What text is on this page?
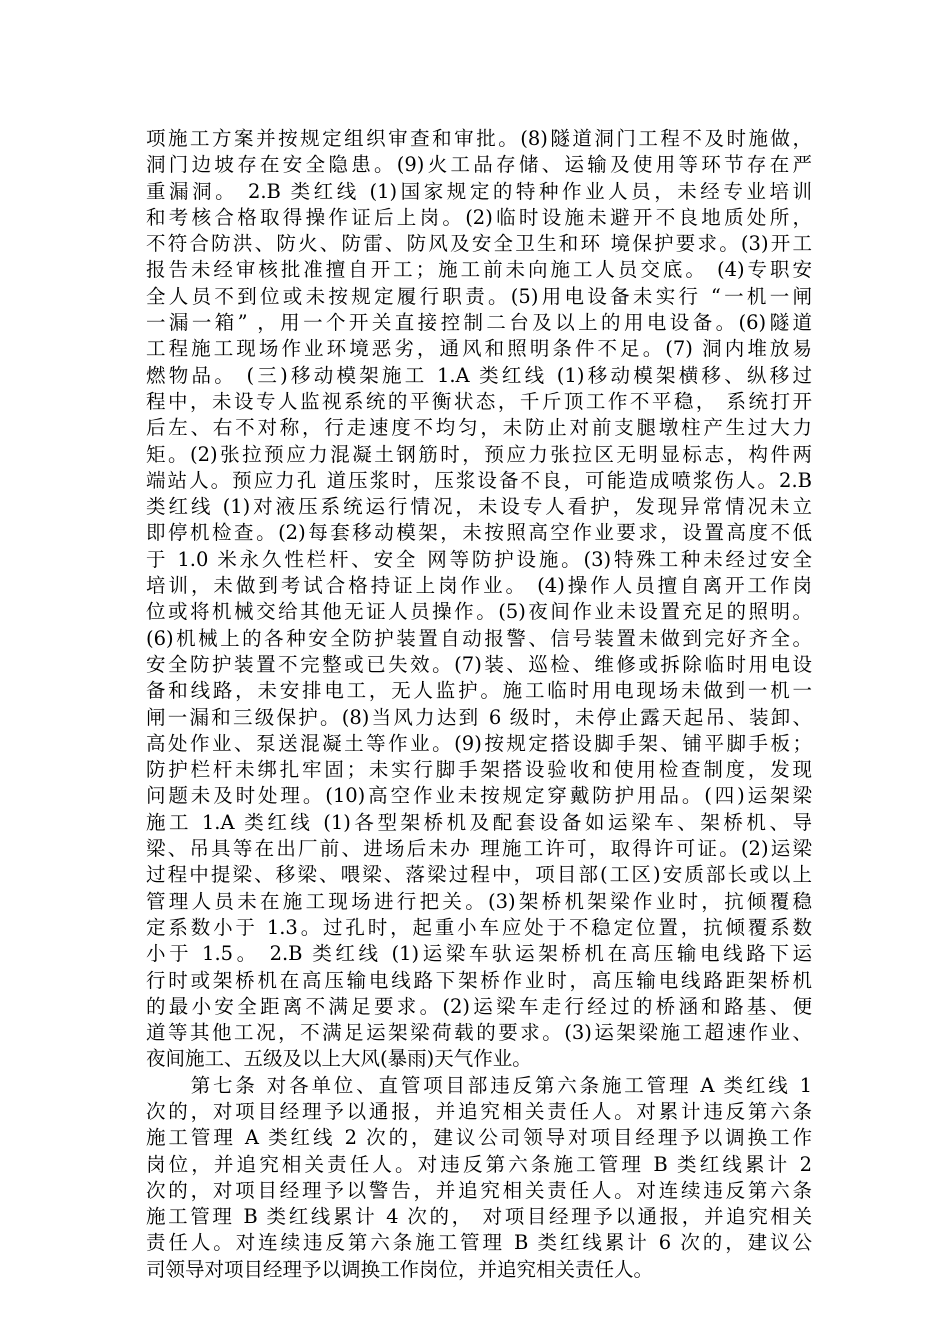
项施工方案并按规定组织审查和审批。(8)隧道洞门工程不及时施做，
洞门边坡存在安全隐患。(9)火工品存储、运输及使用等环节存在严
重漏洞。 2.B 类红线 (1)国家规定的特种作业人员，未经专业培训
和考核合格取得操作证后上岗。(2)临时设施未避开不良地质处所，
不符合防洪、防火、防雷、防风及安全卫生和环 境保护要求。(3)开工
报告未经审核批准擅自开工；施工前未向施工人员交底。 (4)专职安
全人员不到位或未按规定履行职责。(5)用电设备未实行 “一机一闸
一漏一箱” ，用一个开关直接控制二台及以上的用电设备。(6)隧道
工程施工现场作业环境恶劣，通风和照明条件不足。(7) 洞内堆放易
燃物品。 (三)移动模架施工 1.A 类红线 (1)移动模架横移、纵移过
程中，未设专人监视系统的平衡状态，千斤顶工作不平稳， 系统打开
后左、右不对称，行走速度不均匀，未防止对前支腿墩柱产生过大力
矩。(2)张拉预应力混凝土钢筋时，预应力张拉区无明显标志，构件两
端站人。预应力孔 道压浆时，压浆设备不良，可能造成喷浆伤人。2.B
类红线 (1)对液压系统运行情况，未设专人看护，发现异常情况未立
即停机检查。(2)每套移动模架，未按照高空作业要求，设置高度不低
于 1.0 米永久性栏杆、安全 网等防护设施。(3)特殊工种未经过安全
培训，未做到考试合格持证上岗作业。 (4)操作人员擅自离开工作岗
位或将机械交给其他无证人员操作。(5)夜间作业未设置充足的照明。
(6)机械上的各种安全防护装置自动报警、信号装置未做到完好齐全。
安全防护装置不完整或已失效。(7)装、巡检、维修或拆除临时用电设
备和线路，未安排电工，无人监护。施工临时用电现场未做到一机一
闸一漏和三级保护。(8)当风力达到 6 级时，未停止露天起吊、装卸、
高处作业、泵送混凝土等作业。(9)按规定搭设脚手架、铺平脚手板；
防护栏杆未绑扎牢固；未实行脚手架搭设验收和使用检查制度，发现
问题未及时处理。(10)高空作业未按规定穿戴防护用品。(四)运架梁
施工 1.A 类红线 (1)各型架桥机及配套设备如运梁车、架桥机、导
梁、吊具等在出厂前、进场后未办 理施工许可，取得许可证。(2)运梁
过程中提梁、移梁、喂梁、落梁过程中，项目部(工区)安质部长或以上
管理人员未在施工现场进行把关。(3)架桥机架梁作业时，抗倾覆稳
定系数小于 1.3。过孔时，起重小车应处于不稳定位置，抗倾覆系数
小于 1.5。 2.B 类红线 (1)运梁车驮运架桥机在高压输电线路下运
行时或架桥机在高压输电线路下架桥作业时，高压输电线路距架桥机
的最小安全距离不满足要求。(2)运梁车走行经过的桥涵和路基、便
道等其他工况，不满足运架梁荷载的要求。(3)运架梁施工超速作业、
夜间施工、五级及以上大风(暴雨)天气作业。
　　第七条 对各单位、直管项目部违反第六条施工管理 A 类红线 1
次的，对项目经理予以通报，并追究相关责任人。对累计违反第六条
施工管理 A 类红线 2 次的，建议公司领导对项目经理予以调换工作
岗位，并追究相关责任人。对违反第六条施工管理 B 类红线累计 2
次的，对项目经理予以警告，并追究相关责任人。对连续违反第六条
施工管理 B 类红线累计 4 次的， 对项目经理予以通报，并追究相关
责任人。对连续违反第六条施工管理 B 类红线累计 6 次的，建议公
司领导对项目经理予以调换工作岗位，并追究相关责任人。
